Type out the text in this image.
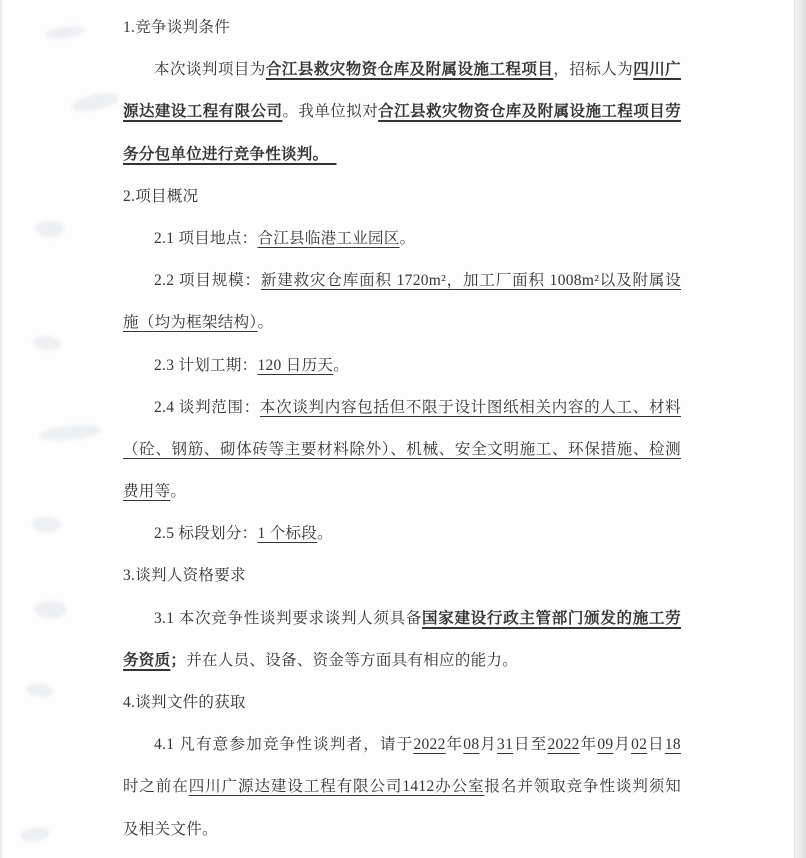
1.竞争谈判条件
本次谈判项目为合江县救灾物资仓库及附属设施工程项目，招标人为四川广
源达建设工程有限公司。我单位拟对合江县救灾物资仓库及附属设施工程项目劳
务分包单位进行竞争性谈判。　
2.项目概况
2.1 项目地点：合江县临港工业园区。
2.2 项目规模：新建救灾仓库面积 1720m²，加工厂面积 1008m²以及附属设
施（均为框架结构）。
2.3 计划工期：120 日历天。
2.4 谈判范围：本次谈判内容包括但不限于设计图纸相关内容的人工、材料
（砼、钢筋、砌体砖等主要材料除外）、机械、安全文明施工、环保措施、检测
费用等。
2.5 标段划分：1 个标段。
3.谈判人资格要求
3.1 本次竞争性谈判要求谈判人须具备国家建设行政主管部门颁发的施工劳
务资质；并在人员、设备、资金等方面具有相应的能力。
4.谈判文件的获取
4.1 凡有意参加竞争性谈判者，请于2022年08月31日至2022年09月02日18
时之前在四川广源达建设工程有限公司1412办公室报名并领取竞争性谈判须知
及相关文件。
